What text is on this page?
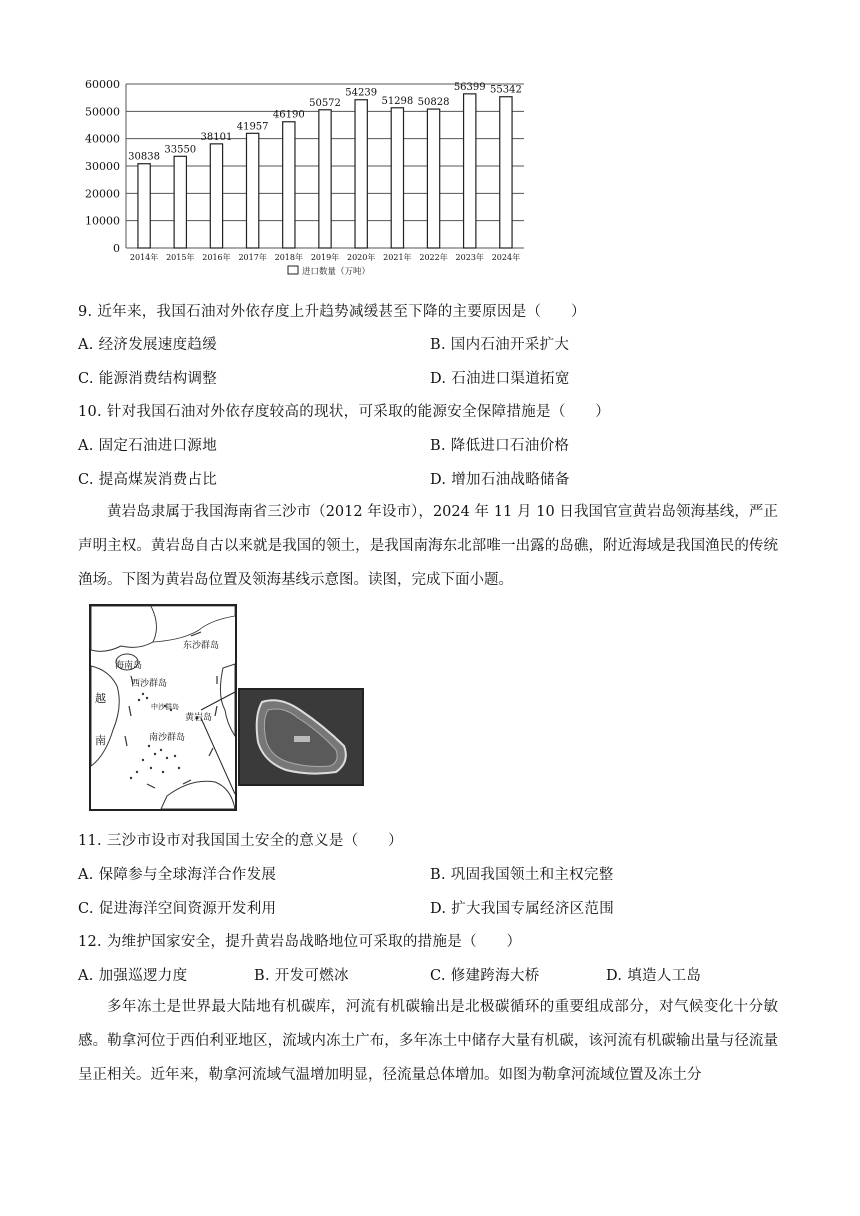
0
10000
20000
30000
40000
50000
60000
30838
33550
38101
41957
46190
50572
54239
51298 50828
56399 55342
2014年 2015年 2016年 2017年 2018年 2019年 2020年 2021年 2022年 2023年 2024年
进口数量（万吨）
9. 近年来，我国石油对外依存度上升趋势减缓甚至下降的主要原因是（　　）
A. 经济发展速度趋缓	B. 国内石油开采扩大
C. 能源消费结构调整	D. 石油进口渠道拓宽
10. 针对我国石油对外依存度较高的现状，可采取的能源安全保障措施是（　　）
A. 固定石油进口源地	B. 降低进口石油价格
C. 提高煤炭消费占比	D. 增加石油战略储备
黄岩岛隶属于我国海南省三沙市（2012 年设市），2024 年 11 月 10 日我国官宣黄岩岛领海基线，严正声明主权。黄岩岛自古以来就是我国的领土，是我国南海东北部唯一出露的岛礁，附近海域是我国渔民的传统渔场。下图为黄岩岛位置及领海基线示意图。读图，完成下面小题。
海南岛
东沙群岛
西沙群岛
中沙群岛
黄岩岛
南沙群岛
越
南
11. 三沙市设市对我国国土安全的意义是（　　）
A. 保障参与全球海洋合作发展	B. 巩固我国领土和主权完整
C. 促进海洋空间资源开发利用	D. 扩大我国专属经济区范围
12. 为维护国家安全，提升黄岩岛战略地位可采取的措施是（　　）
A. 加强巡逻力度	B. 开发可燃冰	C. 修建跨海大桥	D. 填造人工岛
多年冻土是世界最大陆地有机碳库，河流有机碳输出是北极碳循环的重要组成部分，对气候变化十分敏感。勒拿河位于西伯利亚地区，流域内冻土广布，多年冻土中储存大量有机碳，该河流有机碳输出量与径流量呈正相关。近年来，勒拿河流域气温增加明显，径流量总体增加。如图为勒拿河流域位置及冻土分
